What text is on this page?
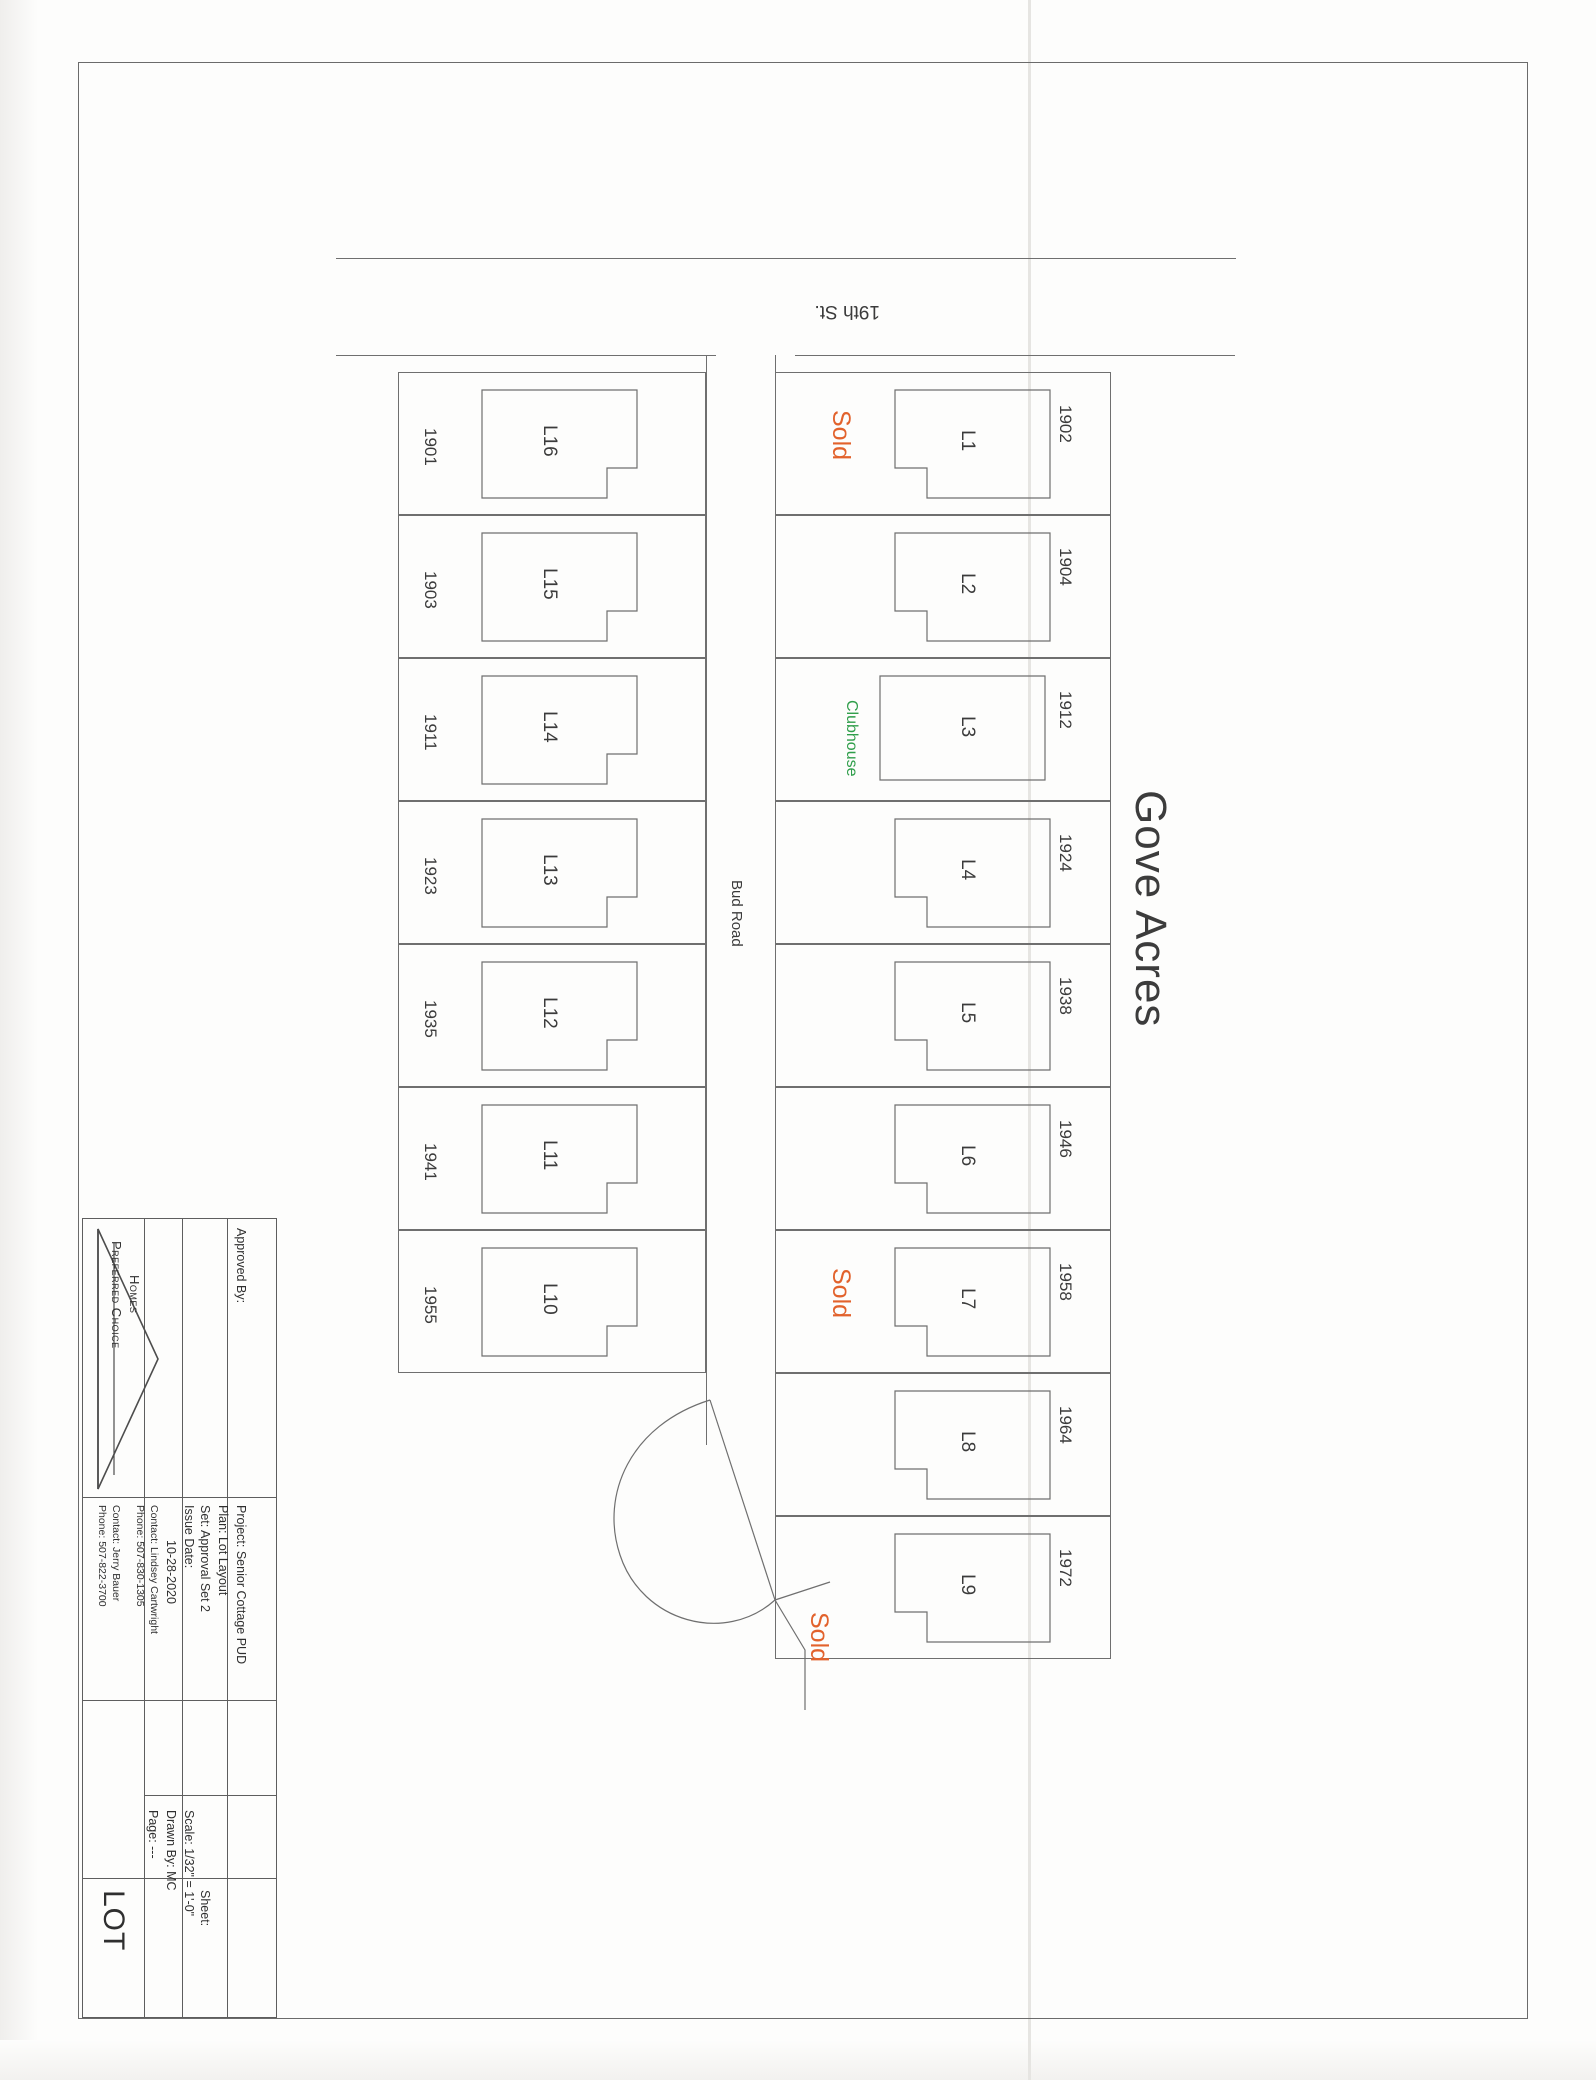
Gove Acres
19th St.
Bud Road
L1
L2
L3
L4
L5
L6
L7
L8
L9
1902
1904
1912
1924
1938
1946
1958
1964
1972
Sold
Clubhouse
Sold
Sold
L16
L15
L14
L13
L12
L11
L10
1901
1903
1911
1923
1935
1941
1955
Project: Senior Cottage PUD
Plan: Lot Layout
Set: Approval Set 2
Approved By:
Issue Date:
10-28-2020
Scale: 1/32" = 1'-0"
Drawn By: MC
Page: ---
Contact: Lindsey Cartwright
Phone: 507-830-1305
Contact: Jerry Bauer
Phone: 507-822-3700
Sheet:
LOT
Preferred Choice Homes
